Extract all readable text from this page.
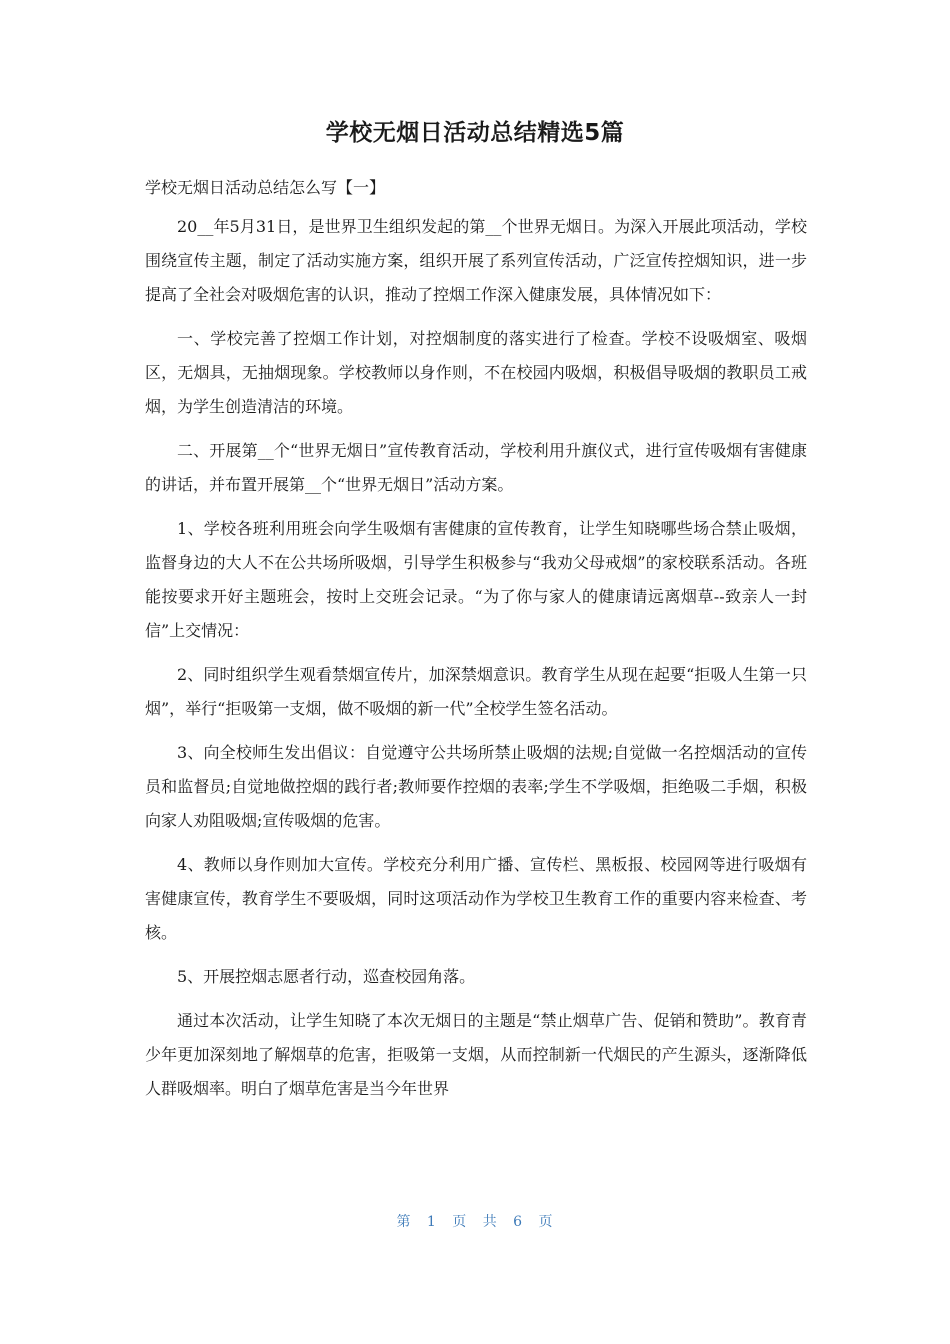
学校无烟日活动总结精选5篇

学校无烟日活动总结怎么写【一】

20__年5月31日，是世界卫生组织发起的第__个世界无烟日。为深入开展此项活动，学校围绕宣传主题，制定了活动实施方案，组织开展了系列宣传活动，广泛宣传控烟知识，进一步提高了全社会对吸烟危害的认识，推动了控烟工作深入健康发展，具体情况如下：

一、学校完善了控烟工作计划，对控烟制度的落实进行了检查。学校不设吸烟室、吸烟区，无烟具，无抽烟现象。学校教师以身作则，不在校园内吸烟，积极倡导吸烟的教职员工戒烟，为学生创造清洁的环境。

二、开展第__个“世界无烟日”宣传教育活动，学校利用升旗仪式，进行宣传吸烟有害健康的讲话，并布置开展第__个“世界无烟日”活动方案。

1、学校各班利用班会向学生吸烟有害健康的宣传教育，让学生知晓哪些场合禁止吸烟，监督身边的大人不在公共场所吸烟，引导学生积极参与“我劝父母戒烟”的家校联系活动。各班能按要求开好主题班会，按时上交班会记录。“为了你与家人的健康请远离烟草--致亲人一封信”上交情况：

2、同时组织学生观看禁烟宣传片，加深禁烟意识。教育学生从现在起要“拒吸人生第一只烟”，举行“拒吸第一支烟，做不吸烟的新一代”全校学生签名活动。

3、向全校师生发出倡议：自觉遵守公共场所禁止吸烟的法规;自觉做一名控烟活动的宣传员和监督员;自觉地做控烟的践行者;教师要作控烟的表率;学生不学吸烟，拒绝吸二手烟，积极向家人劝阻吸烟;宣传吸烟的危害。

4、教师以身作则加大宣传。学校充分利用广播、宣传栏、黑板报、校园网等进行吸烟有害健康宣传，教育学生不要吸烟，同时这项活动作为学校卫生教育工作的重要内容来检查、考核。

5、开展控烟志愿者行动，巡查校园角落。

通过本次活动，让学生知晓了本次无烟日的主题是“禁止烟草广告、促销和赞助”。教育青少年更加深刻地了解烟草的危害，拒吸第一支烟，从而控制新一代烟民的产生源头，逐渐降低人群吸烟率。明白了烟草危害是当今年世界

第 1 页 共 6 页
